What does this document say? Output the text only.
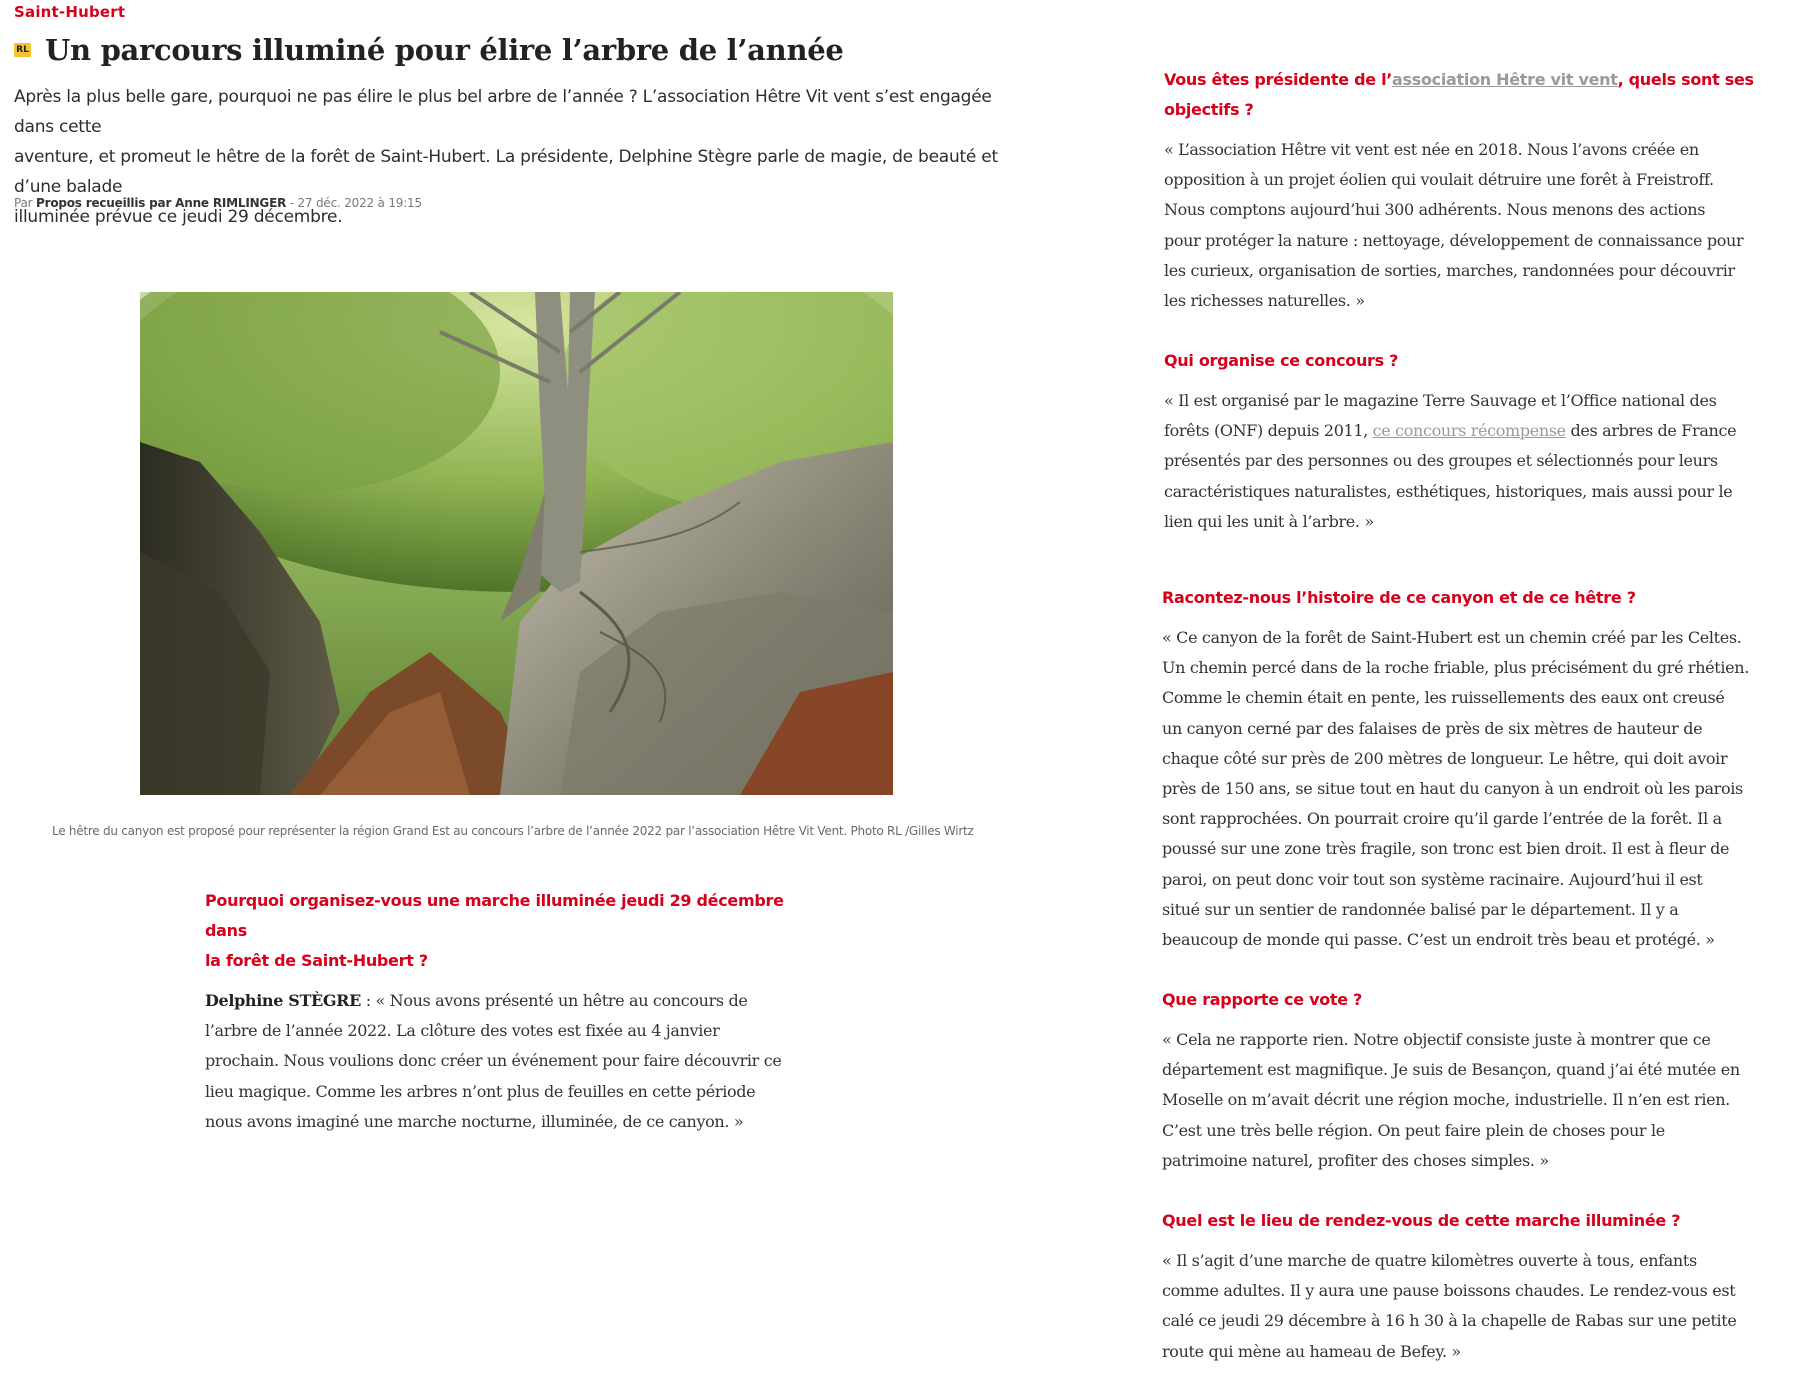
Saint-Hubert
RL Un parcours illuminé pour élire l’arbre de l’année
Après la plus belle gare, pourquoi ne pas élire le plus bel arbre de l’année ? L’association Hêtre Vit vent s’est engagée dans cette
aventure, et promeut le hêtre de la forêt de Saint-Hubert. La présidente, Delphine Stègre parle de magie, de beauté et d’une balade
illuminée prévue ce jeudi 29 décembre.
Par Propos recueillis par Anne RIMLINGER - 27 déc. 2022 à 19:15
Le hêtre du canyon est proposé pour représenter la région Grand Est au concours l’arbre de l’année 2022 par l’association Hêtre Vit Vent. Photo RL /Gilles Wirtz
Pourquoi organisez-vous une marche illuminée jeudi 29 décembre dans
la forêt de Saint-Hubert ?
Delphine STÈGRE : « Nous avons présenté un hêtre au concours de
l’arbre de l’année 2022. La clôture des votes est fixée au 4 janvier
prochain. Nous voulions donc créer un événement pour faire découvrir ce
lieu magique. Comme les arbres n’ont plus de feuilles en cette période
nous avons imaginé une marche nocturne, illuminée, de ce canyon. »
Vous êtes présidente de l’association Hêtre vit vent, quels sont ses
objectifs ?
« L’association Hêtre vit vent est née en 2018. Nous l’avons créée en
opposition à un projet éolien qui voulait détruire une forêt à Freistroff.
Nous comptons aujourd’hui 300 adhérents. Nous menons des actions
pour protéger la nature : nettoyage, développement de connaissance pour
les curieux, organisation de sorties, marches, randonnées pour découvrir
les richesses naturelles. »
Qui organise ce concours ?
« Il est organisé par le magazine Terre Sauvage et l’Office national des
forêts (ONF) depuis 2011, ce concours récompense des arbres de France
présentés par des personnes ou des groupes et sélectionnés pour leurs
caractéristiques naturalistes, esthétiques, historiques, mais aussi pour le
lien qui les unit à l’arbre. »
Racontez-nous l’histoire de ce canyon et de ce hêtre ?
« Ce canyon de la forêt de Saint-Hubert est un chemin créé par les Celtes.
Un chemin percé dans de la roche friable, plus précisément du gré rhétien.
Comme le chemin était en pente, les ruissellements des eaux ont creusé
un canyon cerné par des falaises de près de six mètres de hauteur de
chaque côté sur près de 200 mètres de longueur. Le hêtre, qui doit avoir
près de 150 ans, se situe tout en haut du canyon à un endroit où les parois
sont rapprochées. On pourrait croire qu’il garde l’entrée de la forêt. Il a
poussé sur une zone très fragile, son tronc est bien droit. Il est à fleur de
paroi, on peut donc voir tout son système racinaire. Aujourd’hui il est
situé sur un sentier de randonnée balisé par le département. Il y a
beaucoup de monde qui passe. C’est un endroit très beau et protégé. »
Que rapporte ce vote ?
« Cela ne rapporte rien. Notre objectif consiste juste à montrer que ce
département est magnifique. Je suis de Besançon, quand j’ai été mutée en
Moselle on m’avait décrit une région moche, industrielle. Il n’en est rien.
C’est une très belle région. On peut faire plein de choses pour le
patrimoine naturel, profiter des choses simples. »
Quel est le lieu de rendez-vous de cette marche illuminée ?
« Il s’agit d’une marche de quatre kilomètres ouverte à tous, enfants
comme adultes. Il y aura une pause boissons chaudes. Le rendez-vous est
calé ce jeudi 29 décembre à 16 h 30 à la chapelle de Rabas sur une petite
route qui mène au hameau de Befey. »
